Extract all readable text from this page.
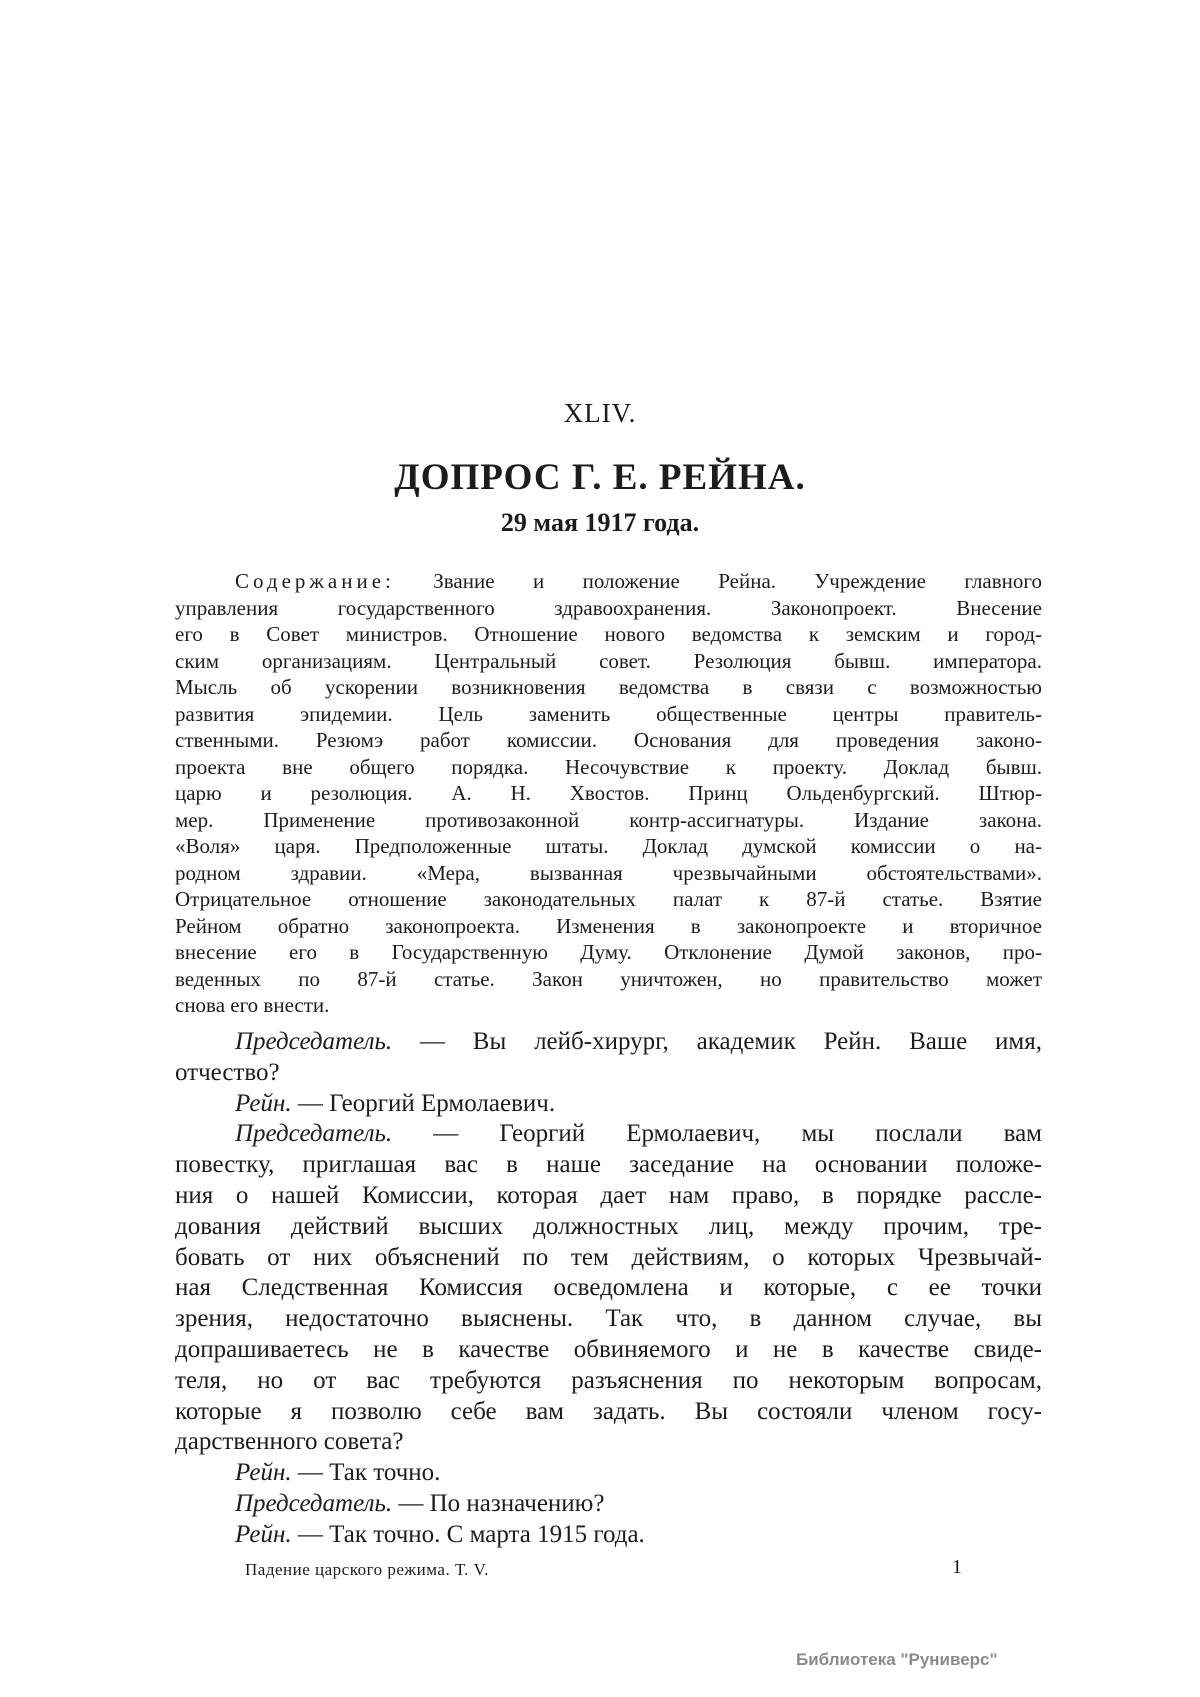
XLIV.
ДОПРОС Г. Е. РЕЙНА.
29 мая 1917 года.
Содержание: Звание и положение Рейна. Учреждение главного
управления государственного здравоохранения. Законопроект. Внесение
его в Совет министров. Отношение нового ведомства к земским и город-
ским организациям. Центральный совет. Резолюция бывш. императора.
Мысль об ускорении возникновения ведомства в связи с возможностью
развития эпидемии. Цель заменить общественные центры правитель-
ственными. Резюмэ работ комиссии. Основания для проведения законо-
проекта вне общего порядка. Несочувствие к проекту. Доклад бывш.
царю и резолюция. А. Н. Хвостов. Принц Ольденбургский. Штюр-
мер. Применение противозаконной контр-ассигнатуры. Издание закона.
«Воля» царя. Предположенные штаты. Доклад думской комиссии о на-
родном здравии. «Мера, вызванная чрезвычайными обстоятельствами».
Отрицательное отношение законодательных палат к 87-й статье. Взятие
Рейном обратно законопроекта. Изменения в законопроекте и вторичное
внесение его в Государственную Думу. Отклонение Думой законов, про-
веденных по 87-й статье. Закон уничтожен, но правительство может
снова его внести.
Председатель. — Вы лейб-хирург, академик Рейн. Ваше имя,
отчество?
Рейн. — Георгий Ермолаевич.
Председатель. — Георгий Ермолаевич, мы послали вам
повестку, приглашая вас в наше заседание на основании положе-
ния о нашей Комиссии, которая дает нам право, в порядке рассле-
дования действий высших должностных лиц, между прочим, тре-
бовать от них объяснений по тем действиям, о которых Чрезвычай-
ная Следственная Комиссия осведомлена и которые, с ее точки
зрения, недостаточно выяснены. Так что, в данном случае, вы
допрашиваетесь не в качестве обвиняемого и не в качестве свиде-
теля, но от вас требуются разъяснения по некоторым вопросам,
которые я позволю себе вам задать. Вы состояли членом госу-
дарственного совета?
Рейн. — Так точно.
Председатель. — По назначению?
Рейн. — Так точно. С марта 1915 года.
Падение царского режима. Т. V.	1
Библиотека "Руниверс"
